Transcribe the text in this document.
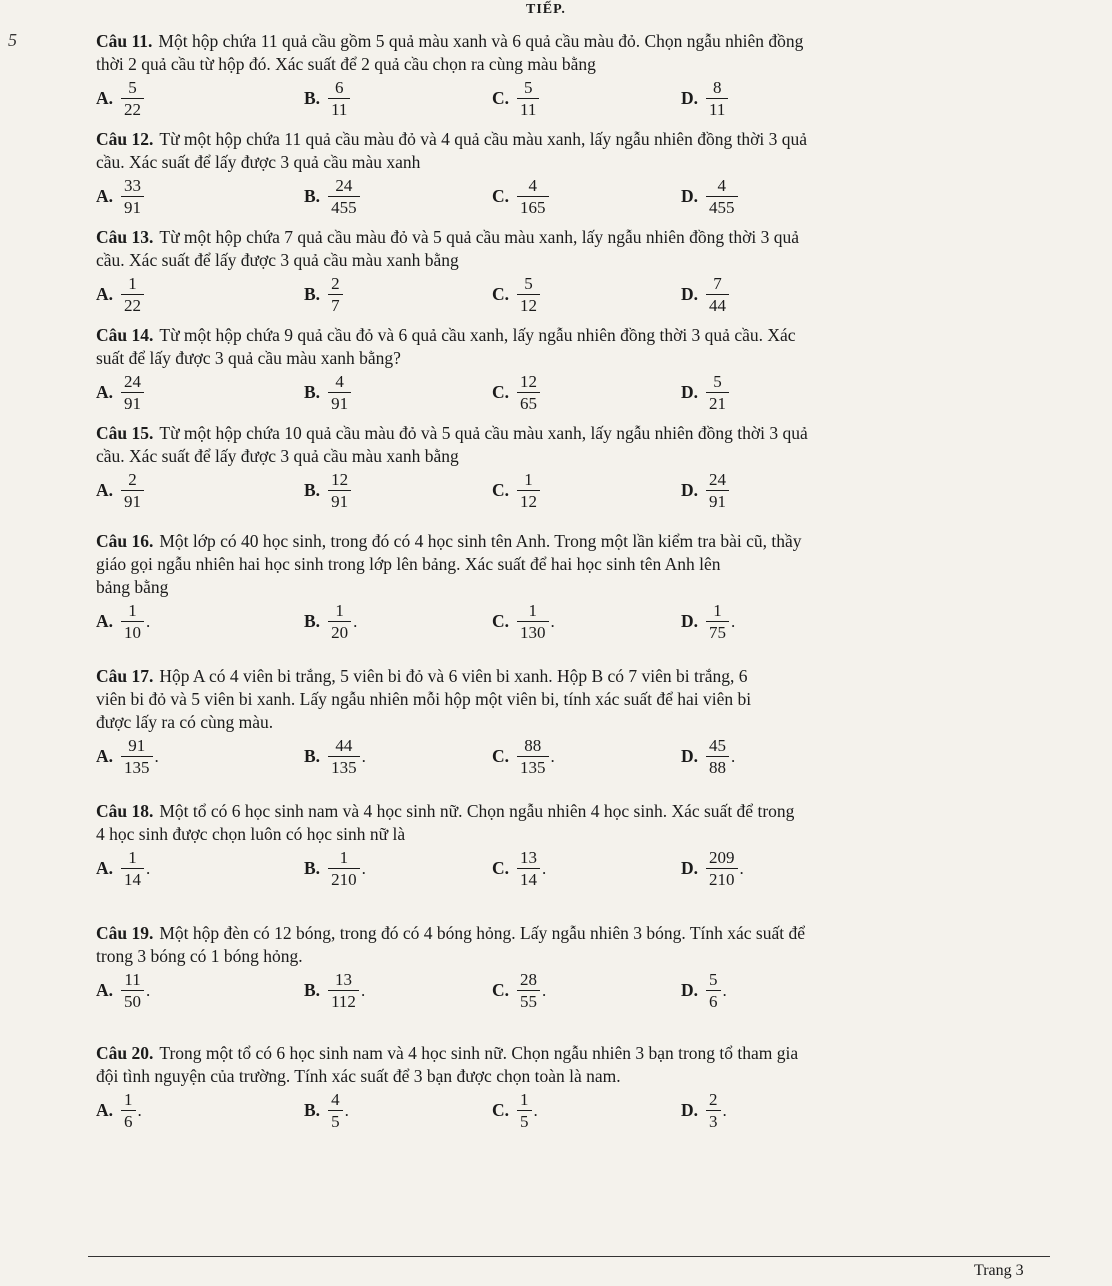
TIẾP.
5	Câu 11. Một hộp chứa 11 quả cầu gồm 5 quả màu xanh và 6 quả cầu màu đỏ. Chọn ngẫu nhiên đồng
thời 2 quả cầu từ hộp đó. Xác suất để 2 quả cầu chọn ra cùng màu bằng
A. $\frac{5}{22}$	B. $\frac{6}{11}$	C. $\frac{5}{11}$	D. $\frac{8}{11}$
Câu 12. Từ một hộp chứa 11 quả cầu màu đỏ và 4 quả cầu màu xanh, lấy ngẫu nhiên đồng thời 3 quả
cầu. Xác suất để lấy được 3 quả cầu màu xanh
A. $\frac{33}{91}$	B. $\frac{24}{455}$	C. $\frac{4}{165}$	D. $\frac{4}{455}$
Câu 13. Từ một hộp chứa 7 quả cầu màu đỏ và 5 quả cầu màu xanh, lấy ngẫu nhiên đồng thời 3 quả
cầu. Xác suất để lấy được 3 quả cầu màu xanh bằng
A. $\frac{1}{22}$	B. $\frac{2}{7}$	C. $\frac{5}{12}$	D. $\frac{7}{44}$
Câu 14. Từ một hộp chứa 9 quả cầu đỏ và 6 quả cầu xanh, lấy ngẫu nhiên đồng thời 3 quả cầu. Xác
suất để lấy được 3 quả cầu màu xanh bằng?
A. $\frac{24}{91}$	B. $\frac{4}{91}$	C. $\frac{12}{65}$	D. $\frac{5}{21}$
Câu 15. Từ một hộp chứa 10 quả cầu màu đỏ và 5 quả cầu màu xanh, lấy ngẫu nhiên đồng thời 3 quả
cầu. Xác suất để lấy được 3 quả cầu màu xanh bằng
A. $\frac{2}{91}$	B. $\frac{12}{91}$	C. $\frac{1}{12}$	D. $\frac{24}{91}$
Câu 16. Một lớp có 40 học sinh, trong đó có 4 học sinh tên Anh. Trong một lần kiểm tra bài cũ, thầy
giáo gọi ngẫu nhiên hai học sinh trong lớp lên bảng. Xác suất để hai học sinh tên Anh lên
bảng bằng
A. $\frac{1}{10}$ .	B. $\frac{1}{20}$ .	C. $\frac{1}{130}$ .	D. $\frac{1}{75}$ .
Câu 17. Hộp A có 4 viên bi trắng, 5 viên bi đỏ và 6 viên bi xanh. Hộp B có 7 viên bi trắng, 6
viên bi đỏ và 5 viên bi xanh. Lấy ngẫu nhiên mỗi hộp một viên bi, tính xác suất để hai viên bi
được lấy ra có cùng màu.
A. $\frac{91}{135}$ .	B. $\frac{44}{135}$ .	C. $\frac{88}{135}$ .	D. $\frac{45}{88}$ .
Câu 18. Một tổ có 6 học sinh nam và 4 học sinh nữ. Chọn ngẫu nhiên 4 học sinh. Xác suất để trong
4 học sinh được chọn luôn có học sinh nữ là
A. $\frac{1}{14}$ .	B. $\frac{1}{210}$ .	C. $\frac{13}{14}$ .	D. $\frac{209}{210}$ .
Câu 19. Một hộp đèn có 12 bóng, trong đó có 4 bóng hỏng. Lấy ngẫu nhiên 3 bóng. Tính xác suất để
trong 3 bóng có 1 bóng hỏng.
A. $\frac{11}{50}$ .	B. $\frac{13}{112}$ .	C. $\frac{28}{55}$ .	D. $\frac{5}{6}$ .
Câu 20. Trong một tổ có 6 học sinh nam và 4 học sinh nữ. Chọn ngẫu nhiên 3 bạn trong tổ tham gia
đội tình nguyện của trường. Tính xác suất để 3 bạn được chọn toàn là nam.
A. $\frac{1}{6}$ .	B. $\frac{4}{5}$ .	C. $\frac{1}{5}$ .	D. $\frac{2}{3}$ .
Trang 3
